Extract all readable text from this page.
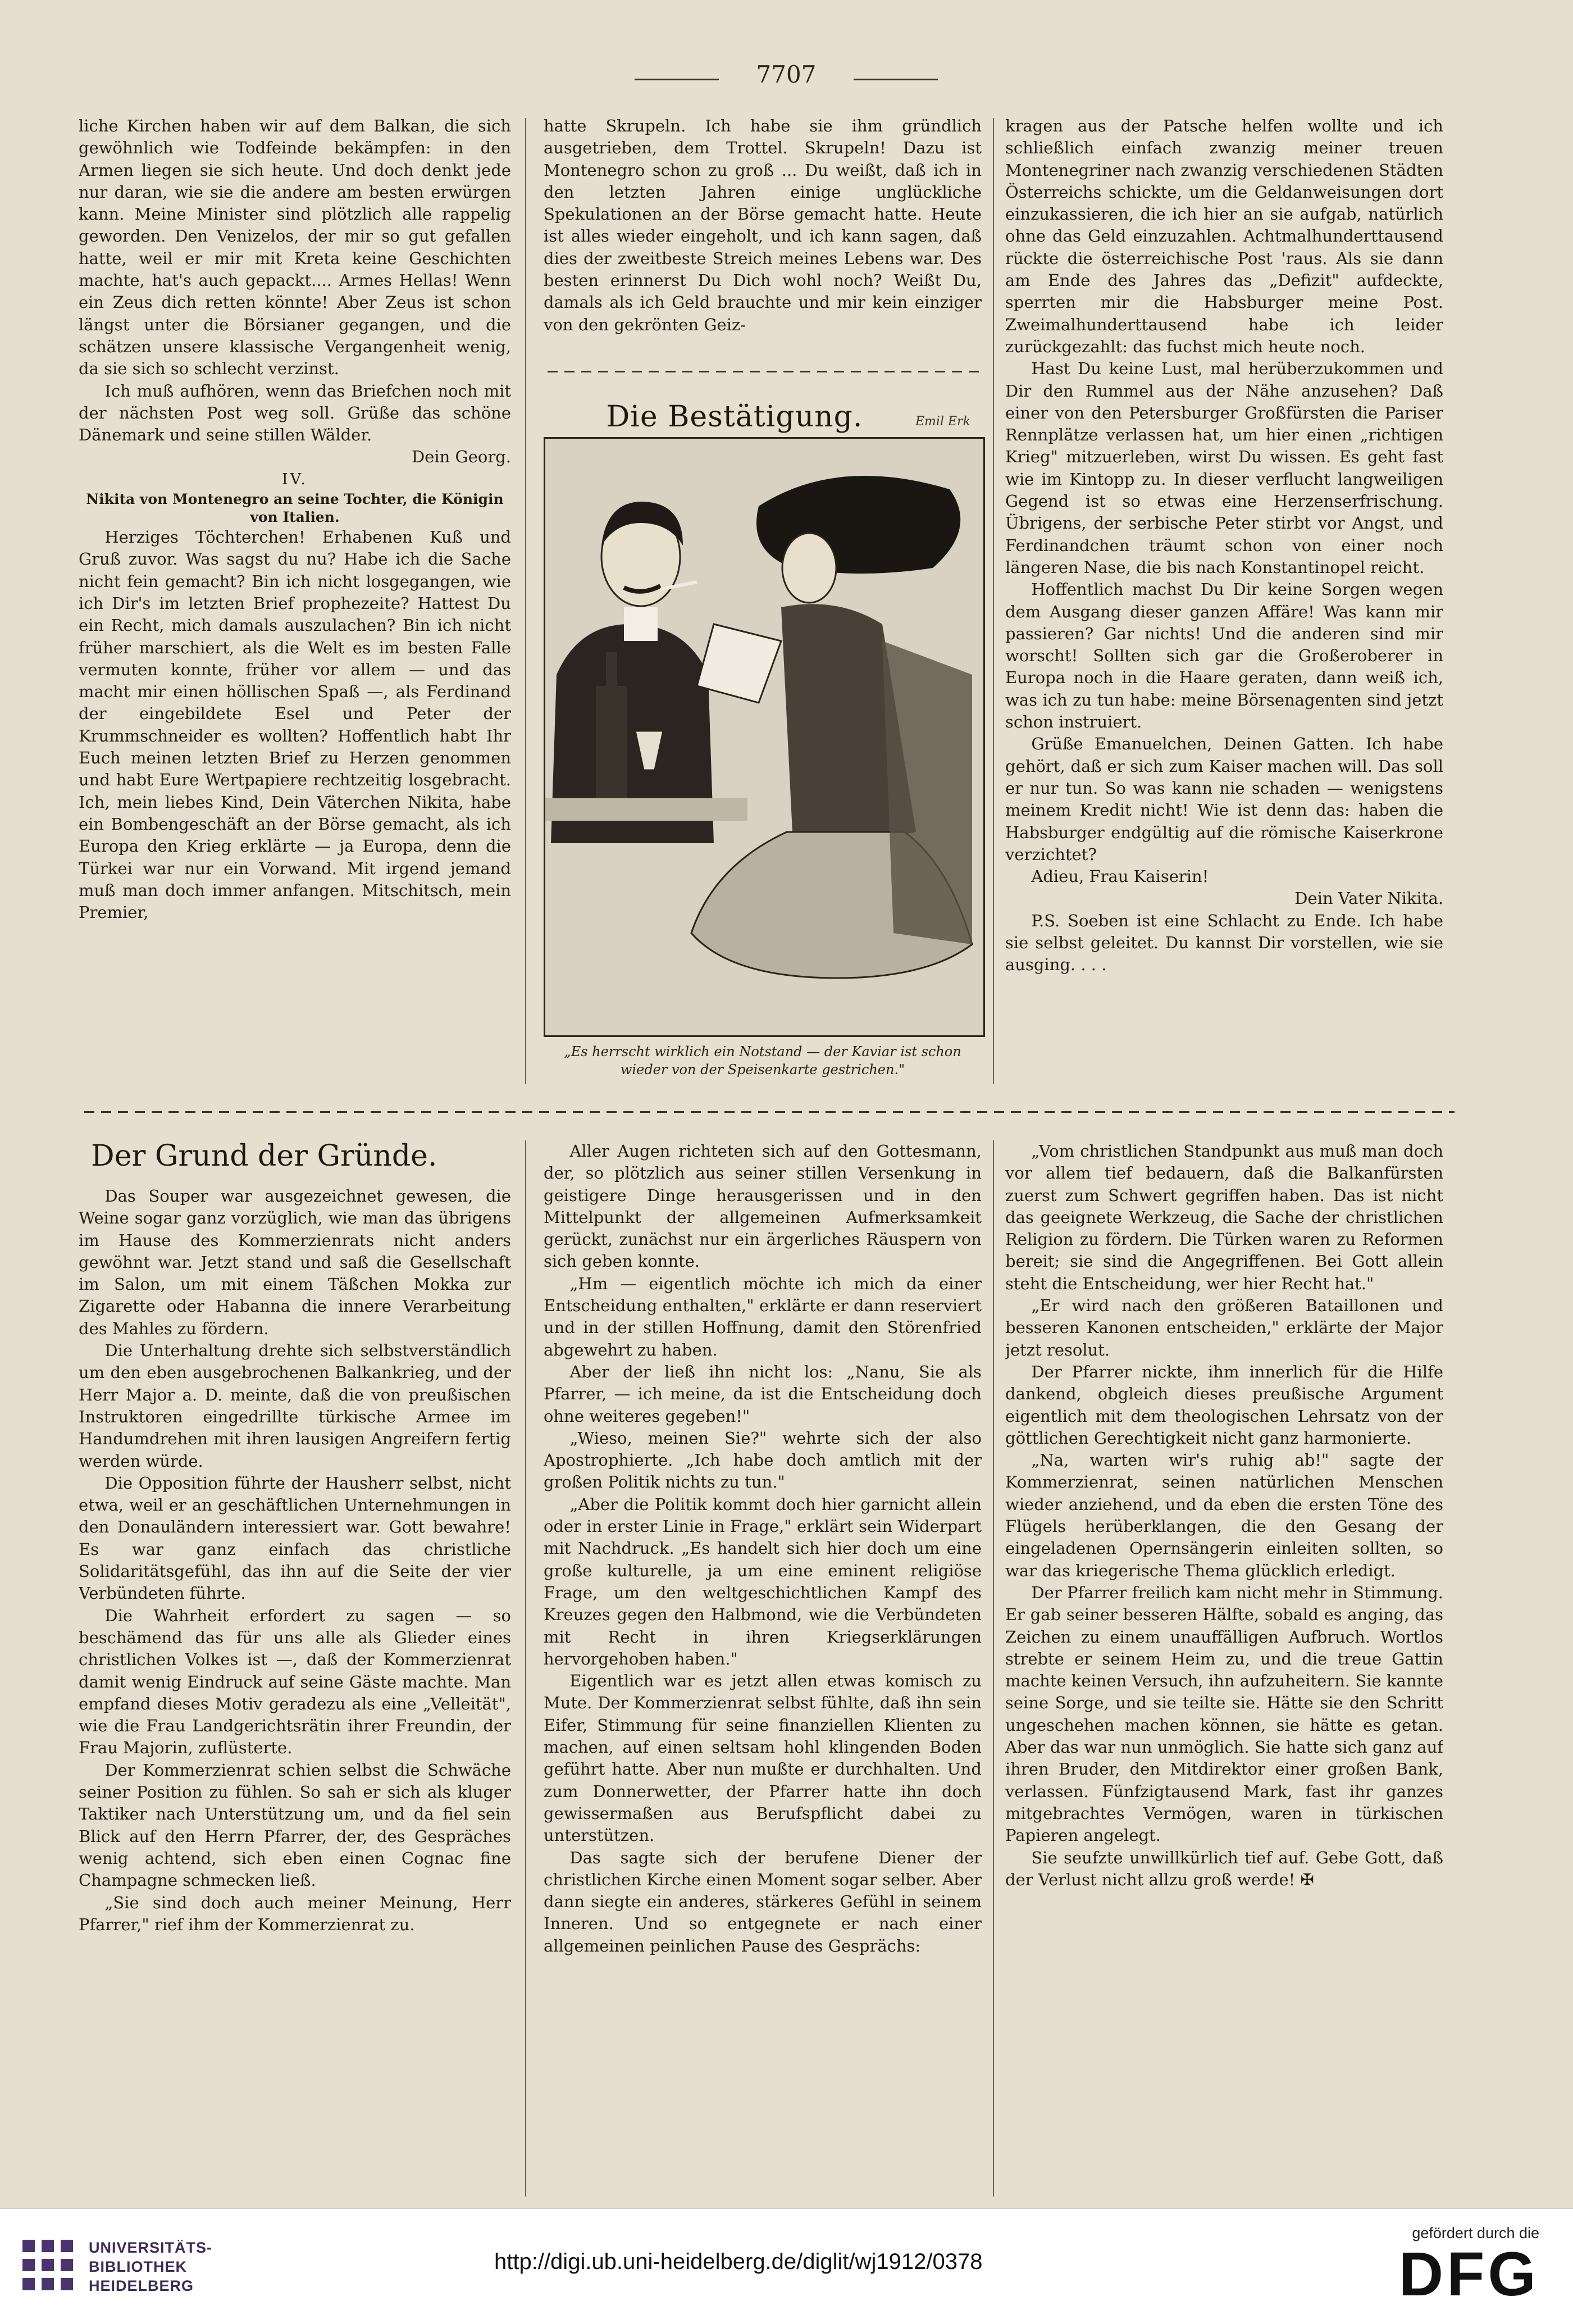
7707

liche Kirchen haben wir auf dem Balkan, die sich gewöhnlich wie Todfeinde bekämpfen: in den Armen liegen sie sich heute. Und doch denkt jede nur daran, wie sie die andere am besten erwürgen kann. Meine Minister sind plötzlich alle rappelig geworden. Den Venizelos, der mir so gut gefallen hatte, weil er mir mit Kreta keine Geschichten machte, hat's auch gepackt.... Armes Hellas! Wenn ein Zeus dich retten könnte! Aber Zeus ist schon längst unter die Börsianer gegangen, und die schätzen unsere klassische Vergangenheit wenig, da sie sich so schlecht verzinst.

Ich muß aufhören, wenn das Briefchen noch mit der nächsten Post weg soll. Grüße das schöne Dänemark und seine stillen Wälder.

Dein Georg.

IV.

Nikita von Montenegro an seine Tochter, die Königin von Italien.

Herziges Töchterchen! Erhabenen Kuß und Gruß zuvor. Was sagst du nu? Habe ich die Sache nicht fein gemacht? Bin ich nicht losgegangen, wie ich Dir's im letzten Brief prophezeite? Hattest Du ein Recht, mich damals auszulachen? Bin ich nicht früher marschiert, als die Welt es im besten Falle vermuten konnte, früher vor allem — und das macht mir einen höllischen Spaß —, als Ferdinand der eingebildete Esel und Peter der Krummschneider es wollten? Hoffentlich habt Ihr Euch meinen letzten Brief zu Herzen genommen und habt Eure Wertpapiere rechtzeitig losgebracht. Ich, mein liebes Kind, Dein Väterchen Nikita, habe ein Bombengeschäft an der Börse gemacht, als ich Europa den Krieg erklärte — ja Europa, denn die Türkei war nur ein Vorwand. Mit irgend jemand muß man doch immer anfangen. Mitschitsch, mein Premier,

hatte Skrupeln. Ich habe sie ihm gründlich ausgetrieben, dem Trottel. Skrupeln! Dazu ist Montenegro schon zu groß ... Du weißt, daß ich in den letzten Jahren einige unglückliche Spekulationen an der Börse gemacht hatte. Heute ist alles wieder eingeholt, und ich kann sagen, daß dies der zweitbeste Streich meines Lebens war. Des besten erinnerst Du Dich wohl noch? Weißt Du, damals als ich Geld brauchte und mir kein einziger von den gekrönten Geiz-

kragen aus der Patsche helfen wollte und ich schließlich einfach zwanzig meiner treuen Montenegriner nach zwanzig verschiedenen Städten Österreichs schickte, um die Geldanweisungen dort einzukassieren, die ich hier an sie aufgab, natürlich ohne das Geld einzuzahlen. Achtmalhunderttausend rückte die österreichische Post 'raus. Als sie dann am Ende des Jahres das „Defizit" aufdeckte, sperrten mir die Habsburger meine Post. Zweimalhunderttausend habe ich leider zurückgezahlt: das fuchst mich heute noch.

Hast Du keine Lust, mal herüberzukommen und Dir den Rummel aus der Nähe anzusehen? Daß einer von den Petersburger Großfürsten die Pariser Rennplätze verlassen hat, um hier einen „richtigen Krieg" mitzuerleben, wirst Du wissen. Es geht fast wie im Kintopp zu. In dieser verflucht langweiligen Gegend ist so etwas eine Herzenserfrischung. Übrigens, der serbische Peter stirbt vor Angst, und Ferdinandchen träumt schon von einer noch längeren Nase, die bis nach Konstantinopel reicht.

Hoffentlich machst Du Dir keine Sorgen wegen dem Ausgang dieser ganzen Affäre! Was kann mir passieren? Gar nichts! Und die anderen sind mir worscht! Sollten sich gar die Großeroberer in Europa noch in die Haare geraten, dann weiß ich, was ich zu tun habe: meine Börsenagenten sind jetzt schon instruiert.

Grüße Emanuelchen, Deinen Gatten. Ich habe gehört, daß er sich zum Kaiser machen will. Das soll er nur tun. So was kann nie schaden — wenigstens meinem Kredit nicht! Wie ist denn das: haben die Habsburger endgültig auf die römische Kaiserkrone verzichtet?

Adieu, Frau Kaiserin!

Dein Vater Nikita.

P.S. Soeben ist eine Schlacht zu Ende. Ich habe sie selbst geleitet. Du kannst Dir vorstellen, wie sie ausging. . . .

Die Bestätigung.	Emil Erk
„Es herrscht wirklich ein Notstand — der Kaviar ist schon wieder von der Speisenkarte gestrichen."
Der Grund der Gründe.

Das Souper war ausgezeichnet gewesen, die Weine sogar ganz vorzüglich, wie man das übrigens im Hause des Kommerzienrats nicht anders gewöhnt war. Jetzt stand und saß die Gesellschaft im Salon, um mit einem Täßchen Mokka zur Zigarette oder Habanna die innere Verarbeitung des Mahles zu fördern.

Die Unterhaltung drehte sich selbstverständlich um den eben ausgebrochenen Balkankrieg, und der Herr Major a. D. meinte, daß die von preußischen Instruktoren eingedrillte türkische Armee im Handumdrehen mit ihren lausigen Angreifern fertig werden würde.

Die Opposition führte der Hausherr selbst, nicht etwa, weil er an geschäftlichen Unternehmungen in den Donauländern interessiert war. Gott bewahre! Es war ganz einfach das christliche Solidaritätsgefühl, das ihn auf die Seite der vier Verbündeten führte.

Die Wahrheit erfordert zu sagen — so beschämend das für uns alle als Glieder eines christlichen Volkes ist —, daß der Kommerzienrat damit wenig Eindruck auf seine Gäste machte. Man empfand dieses Motiv geradezu als eine „Velleität", wie die Frau Landgerichtsrätin ihrer Freundin, der Frau Majorin, zuflüsterte.

Der Kommerzienrat schien selbst die Schwäche seiner Position zu fühlen. So sah er sich als kluger Taktiker nach Unterstützung um, und da fiel sein Blick auf den Herrn Pfarrer, der, des Gespräches wenig achtend, sich eben einen Cognac fine Champagne schmecken ließ.

„Sie sind doch auch meiner Meinung, Herr Pfarrer," rief ihm der Kommerzienrat zu.

Aller Augen richteten sich auf den Gottesmann, der, so plötzlich aus seiner stillen Versenkung in geistigere Dinge herausgerissen und in den Mittelpunkt der allgemeinen Aufmerksamkeit gerückt, zunächst nur ein ärgerliches Räuspern von sich geben konnte.

„Hm — eigentlich möchte ich mich da einer Entscheidung enthalten," erklärte er dann reserviert und in der stillen Hoffnung, damit den Störenfried abgewehrt zu haben.

Aber der ließ ihn nicht los: „Nanu, Sie als Pfarrer, — ich meine, da ist die Entscheidung doch ohne weiteres gegeben!"

„Wieso, meinen Sie?" wehrte sich der also Apostrophierte. „Ich habe doch amtlich mit der großen Politik nichts zu tun."

„Aber die Politik kommt doch hier garnicht allein oder in erster Linie in Frage," erklärt sein Widerpart mit Nachdruck. „Es handelt sich hier doch um eine große kulturelle, ja um eine eminent religiöse Frage, um den weltgeschichtlichen Kampf des Kreuzes gegen den Halbmond, wie die Verbündeten mit Recht in ihren Kriegserklärungen hervorgehoben haben."

Eigentlich war es jetzt allen etwas komisch zu Mute. Der Kommerzienrat selbst fühlte, daß ihn sein Eifer, Stimmung für seine finanziellen Klienten zu machen, auf einen seltsam hohl klingenden Boden geführt hatte. Aber nun mußte er durchhalten. Und zum Donnerwetter, der Pfarrer hatte ihn doch gewissermaßen aus Berufspflicht dabei zu unterstützen.

Das sagte sich der berufene Diener der christlichen Kirche einen Moment sogar selber. Aber dann siegte ein anderes, stärkeres Gefühl in seinem Inneren. Und so entgegnete er nach einer allgemeinen peinlichen Pause des Gesprächs:

„Vom christlichen Standpunkt aus muß man doch vor allem tief bedauern, daß die Balkanfürsten zuerst zum Schwert gegriffen haben. Das ist nicht das geeignete Werkzeug, die Sache der christlichen Religion zu fördern. Die Türken waren zu Reformen bereit; sie sind die Angegriffenen. Bei Gott allein steht die Entscheidung, wer hier Recht hat."

„Er wird nach den größeren Bataillonen und besseren Kanonen entscheiden," erklärte der Major jetzt resolut.

Der Pfarrer nickte, ihm innerlich für die Hilfe dankend, obgleich dieses preußische Argument eigentlich mit dem theologischen Lehrsatz von der göttlichen Gerechtigkeit nicht ganz harmonierte.

„Na, warten wir's ruhig ab!" sagte der Kommerzienrat, seinen natürlichen Menschen wieder anziehend, und da eben die ersten Töne des Flügels herüberklangen, die den Gesang der eingeladenen Opernsängerin einleiten sollten, so war das kriegerische Thema glücklich erledigt.

Der Pfarrer freilich kam nicht mehr in Stimmung. Er gab seiner besseren Hälfte, sobald es anging, das Zeichen zu einem unauffälligen Aufbruch. Wortlos strebte er seinem Heim zu, und die treue Gattin machte keinen Versuch, ihn aufzuheitern. Sie kannte seine Sorge, und sie teilte sie. Hätte sie den Schritt ungeschehen machen können, sie hätte es getan. Aber das war nun unmöglich. Sie hatte sich ganz auf ihren Bruder, den Mitdirektor einer großen Bank, verlassen. Fünfzigtausend Mark, fast ihr ganzes mitgebrachtes Vermögen, waren in türkischen Papieren angelegt.

Sie seufzte unwillkürlich tief auf. Gebe Gott, daß der Verlust nicht allzu groß werde! ✠

UNIVERSITÄTS-
BIBLIOTHEK
HEIDELBERG
http://digi.ub.uni-heidelberg.de/diglit/wj1912/0378
gefördert durch die
DFG
